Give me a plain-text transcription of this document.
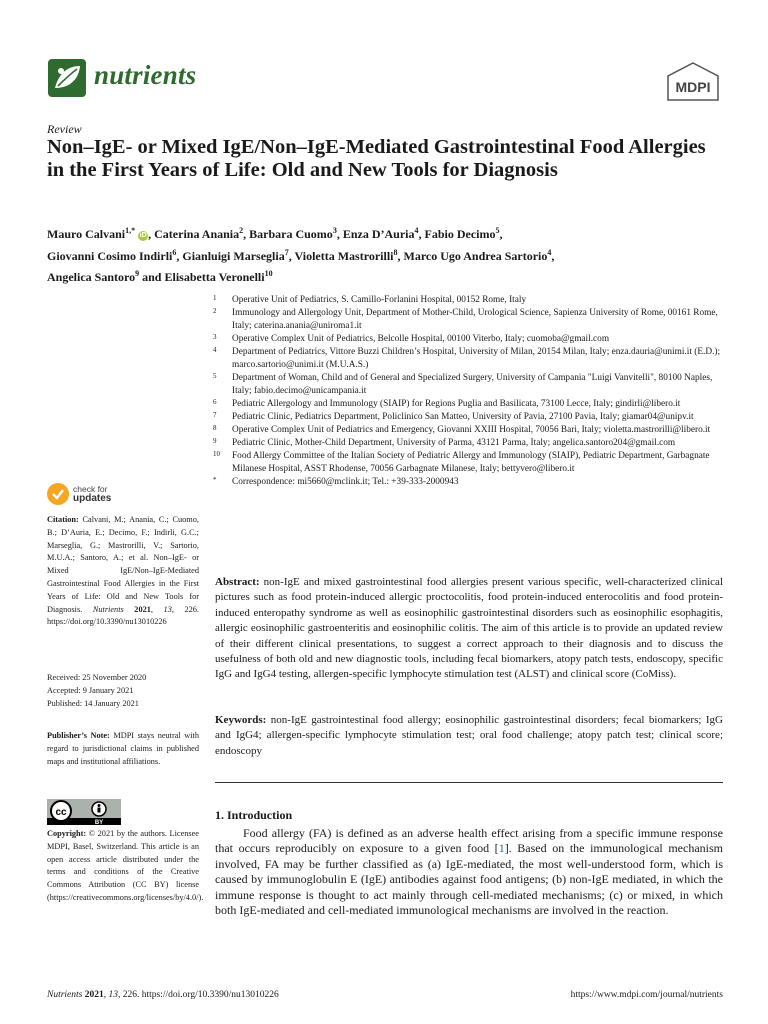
nutrients	MDPI
Review
Non–IgE- or Mixed IgE/Non–IgE-Mediated Gastrointestinal Food Allergies in the First Years of Life: Old and New Tools for Diagnosis

Mauro Calvani$^{1,*}$ iD , Caterina Anania$^2$, Barbara Cuomo$^3$, Enza D’Auria$^4$, Fabio Decimo$^5$,
Giovanni Cosimo Indirli$^6$, Gianluigi Marseglia$^7$, Violetta Mastrorilli$^8$, Marco Ugo Andrea Sartorio$^4$,
Angelica Santoro$^9$ and Elisabetta Veronelli$^{10}$

1	Operative Unit of Pediatrics, S. Camillo-Forlanini Hospital, 00152 Rome, Italy
2	Immunology and Allergology Unit, Department of Mother-Child, Urological Science, Sapienza University of Rome, 00161 Rome, Italy; caterina.anania@uniroma1.it
3	Operative Complex Unit of Pediatrics, Belcolle Hospital, 00100 Viterbo, Italy; cuomoba@gmail.com
4	Department of Pediatrics, Vittore Buzzi Children’s Hospital, University of Milan, 20154 Milan, Italy; enza.dauria@unimi.it (E.D.); marco.sartorio@unimi.it (M.U.A.S.)
5	Department of Woman, Child and of General and Specialized Surgery, University of Campania "Luigi Vanvitelli", 80100 Naples, Italy; fabio.decimo@unicampania.it
6	Pediatric Allergology and Immunology (SIAIP) for Regions Puglia and Basilicata, 73100 Lecce, Italy; gindirli@libero.it
7	Pediatric Clinic, Pediatrics Department, Policlinico San Matteo, University of Pavia, 27100 Pavia, Italy; giamar04@unipv.it
8	Operative Complex Unit of Pediatrics and Emergency, Giovanni XXIII Hospital, 70056 Bari, Italy; violetta.mastrorilli@libero.it
9	Pediatric Clinic, Mother-Child Department, University of Parma, 43121 Parma, Italy; angelica.santoro204@gmail.com
10	Food Allergy Committee of the Italian Society of Pediatric Allergy and Immunology (SIAIP), Pediatric Department, Garbagnate Milanese Hospital, ASST Rhodense, 70056 Garbagnate Milanese, Italy; bettyvero@libero.it
*	Correspondence: mi5660@mclink.it; Tel.: +39-333-2000943
check for
updates

Citation: Calvani, M.; Anania, C.; Cuomo, B.; D’Auria, E.; Decimo, F.; Indirli, G.C.; Marseglia, G.; Mastrorilli, V.; Sartorio, M.U.A.; Santoro, A.; et al. Non–IgE- or Mixed IgE/Non–IgE-Mediated Gastrointestinal Food Allergies in the First Years of Life: Old and New Tools for Diagnosis. Nutrients 2021, 13, 226. https://doi.org/10.3390/nu13010226

Received: 25 November 2020
Accepted: 9 January 2021
Published: 14 January 2021

Publisher’s Note: MDPI stays neutral with regard to jurisdictional claims in published maps and institutional affiliations.

cc
BY

Copyright: © 2021 by the authors. Licensee MDPI, Basel, Switzerland. This article is an open access article distributed under the terms and conditions of the Creative Commons Attribution (CC BY) license (https://creativecommons.org/licenses/by/4.0/).

Abstract: non-IgE and mixed gastrointestinal food allergies present various specific, well-characterized clinical pictures such as food protein-induced allergic proctocolitis, food protein-induced enterocolitis and food protein-induced enteropathy syndrome as well as eosinophilic gastrointestinal disorders such as eosinophilic esophagitis, allergic eosinophilic gastroenteritis and eosinophilic colitis. The aim of this article is to provide an updated review of their different clinical presentations, to suggest a correct approach to their diagnosis and to discuss the usefulness of both old and new diagnostic tools, including fecal biomarkers, atopy patch tests, endoscopy, specific IgG and IgG4 testing, allergen-specific lymphocyte stimulation test (ALST) and clinical score (CoMiss).

Keywords: non-IgE gastrointestinal food allergy; eosinophilic gastrointestinal disorders; fecal biomarkers; IgG and IgG4; allergen-specific lymphocyte stimulation test; oral food challenge; atopy patch test; clinical score; endoscopy

1. Introduction

Food allergy (FA) is defined as an adverse health effect arising from a specific immune response that occurs reproducibly on exposure to a given food [1]. Based on the immunological mechanism involved, FA may be further classified as (a) IgE-mediated, the most well-understood form, which is caused by immunoglobulin E (IgE) antibodies against food antigens; (b) non-IgE mediated, in which the immune response is thought to act mainly through cell-mediated mechanisms; (c) or mixed, in which both IgE-mediated and cell-mediated immunological mechanisms are involved in the reaction.

Nutrients 2021, 13, 226. https://doi.org/10.3390/nu13010226	https://www.mdpi.com/journal/nutrients
